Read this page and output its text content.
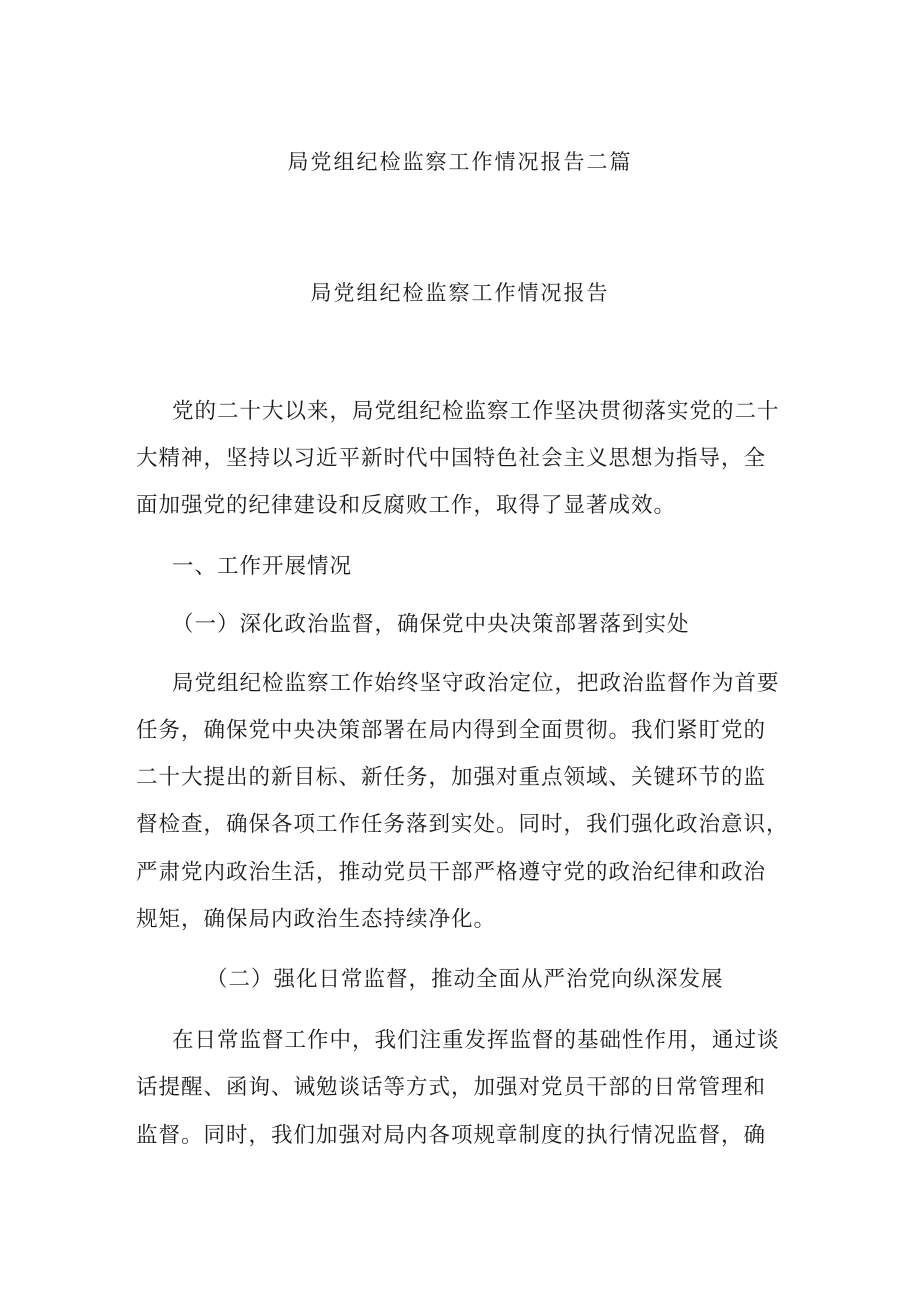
局党组纪检监察工作情况报告二篇
局党组纪检监察工作情况报告
党的二十大以来，局党组纪检监察工作坚决贯彻落实党的二十
大精神，坚持以习近平新时代中国特色社会主义思想为指导，全
面加强党的纪律建设和反腐败工作，取得了显著成效。
一、工作开展情况
（一）深化政治监督，确保党中央决策部署落到实处
局党组纪检监察工作始终坚守政治定位，把政治监督作为首要
任务，确保党中央决策部署在局内得到全面贯彻。我们紧盯党的
二十大提出的新目标、新任务，加强对重点领域、关键环节的监
督检查，确保各项工作任务落到实处。同时，我们强化政治意识，
严肃党内政治生活，推动党员干部严格遵守党的政治纪律和政治
规矩，确保局内政治生态持续净化。
（二）强化日常监督，推动全面从严治党向纵深发展
在日常监督工作中，我们注重发挥监督的基础性作用，通过谈
话提醒、函询、诫勉谈话等方式，加强对党员干部的日常管理和
监督。同时，我们加强对局内各项规章制度的执行情况监督，确
